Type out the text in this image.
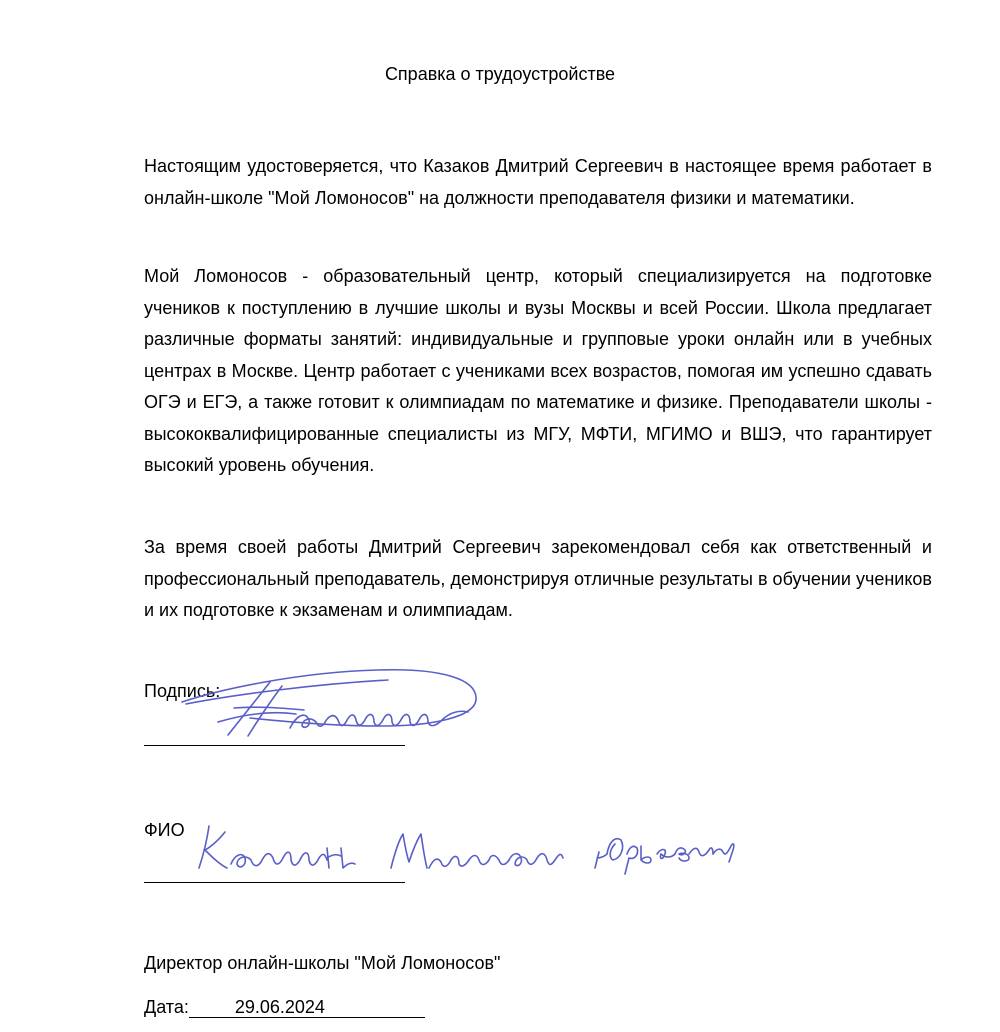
Справка о трудоустройстве

Настоящим удостоверяется, что Казаков Дмитрий Сергеевич в настоящее время работает в онлайн-школе "Мой Ломоносов" на должности преподавателя физики и математики.

Мой Ломоносов - образовательный центр, который специализируется на подготовке учеников к поступлению в лучшие школы и вузы Москвы и всей России. Школа предлагает различные форматы занятий: индивидуальные и групповые уроки онлайн или в учебных центрах в Москве. Центр работает с учениками всех возрастов, помогая им успешно сдавать ОГЭ и ЕГЭ, а также готовит к олимпиадам по математике и физике. Преподаватели школы - высококвалифицированные специалисты из МГУ, МФТИ, МГИМО и ВШЭ, что гарантирует высокий уровень обучения.

За время своей работы Дмитрий Сергеевич зарекомендовал себя как ответственный и профессиональный преподаватель, демонстрируя отличные результаты в обучении учеников и их подготовке к экзаменам и олимпиадам.

Подпись:

ФИО

Директор онлайн-школы "Мой Ломоносов"

Дата:	29.06.2024
